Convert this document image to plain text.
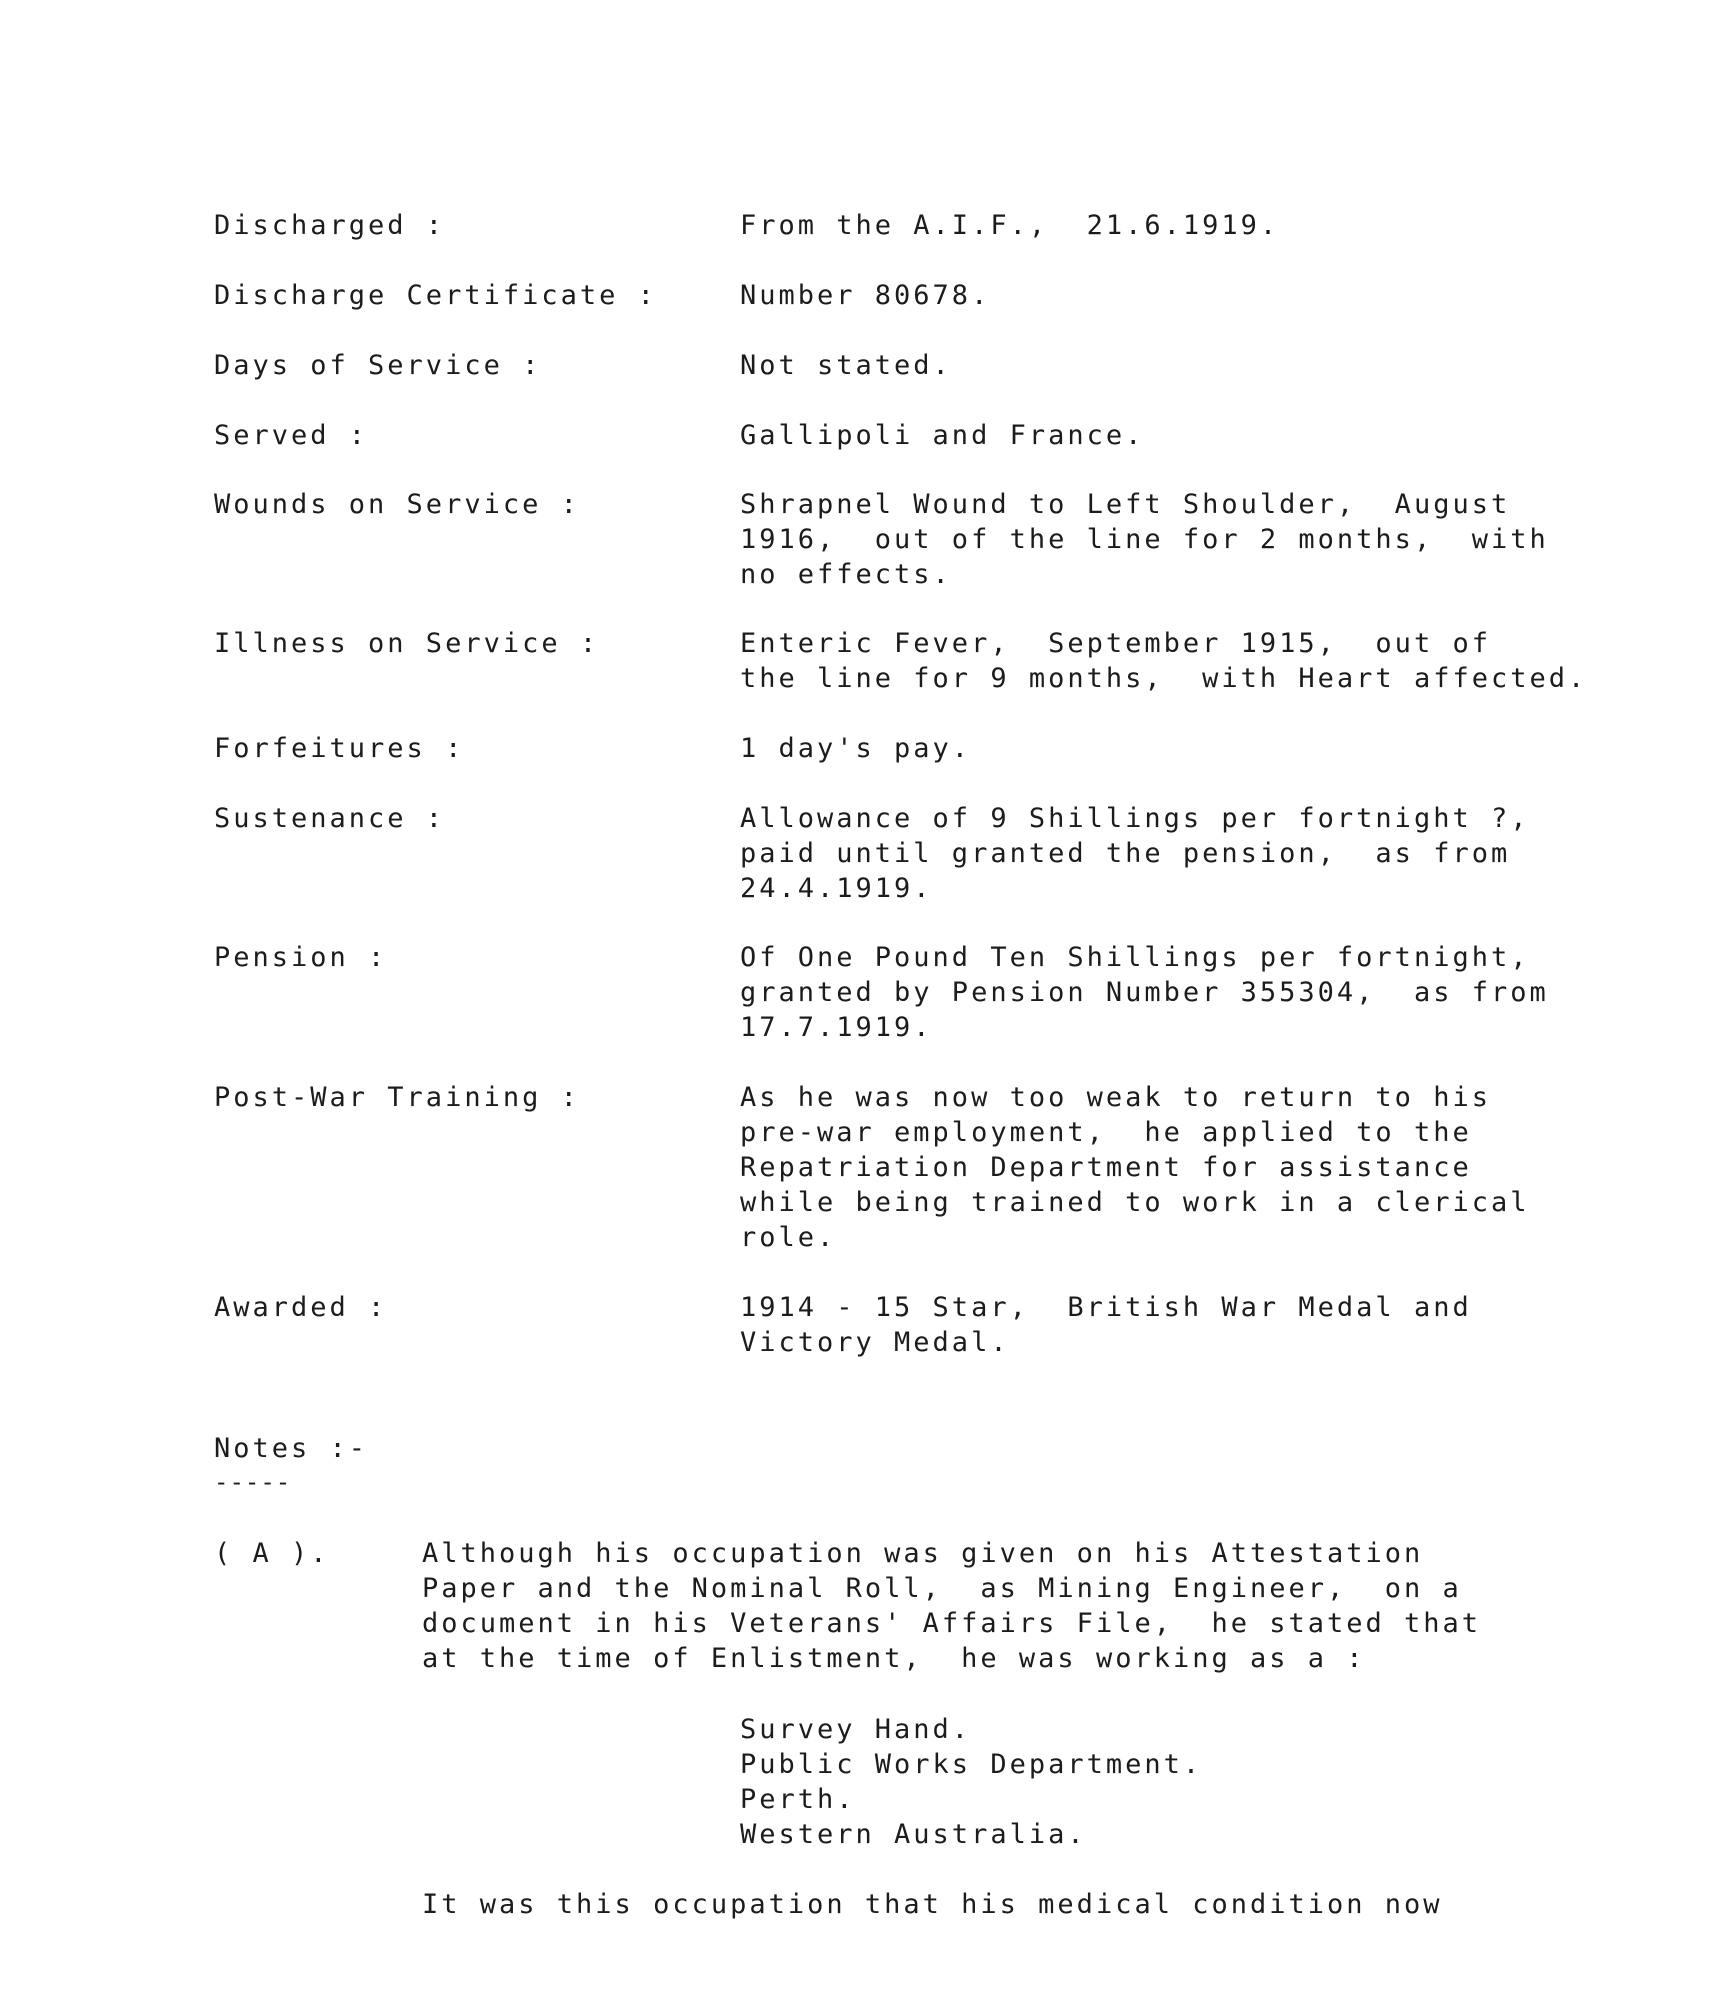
Discharged :	From the A.I.F.,  21.6.1919.
Discharge Certificate :	Number 80678.
Days of Service :	Not stated.
Served :	Gallipoli and France.
Wounds on Service :	Shrapnel Wound to Left Shoulder,  August
1916,  out of the line for 2 months,  with
no effects.
Illness on Service :	Enteric Fever,  September 1915,  out of
the line for 9 months,  with Heart affected.
Forfeitures :	1 day's pay.
Sustenance :	Allowance of 9 Shillings per fortnight ?,
paid until granted the pension,  as from
24.4.1919.
Pension :	Of One Pound Ten Shillings per fortnight,
granted by Pension Number 355304,  as from
17.7.1919.
Post-War Training :	As he was now too weak to return to his
pre-war employment,  he applied to the
Repatriation Department for assistance
while being trained to work in a clerical
role.
Awarded :	1914 - 15 Star,  British War Medal and
Victory Medal.
Notes :-
-----
( A ).	Although his occupation was given on his Attestation
Paper and the Nominal Roll,  as Mining Engineer,  on a
document in his Veterans' Affairs File,  he stated that
at the time of Enlistment,  he was working as a :
Survey Hand.
Public Works Department.
Perth.
Western Australia.
It was this occupation that his medical condition now
